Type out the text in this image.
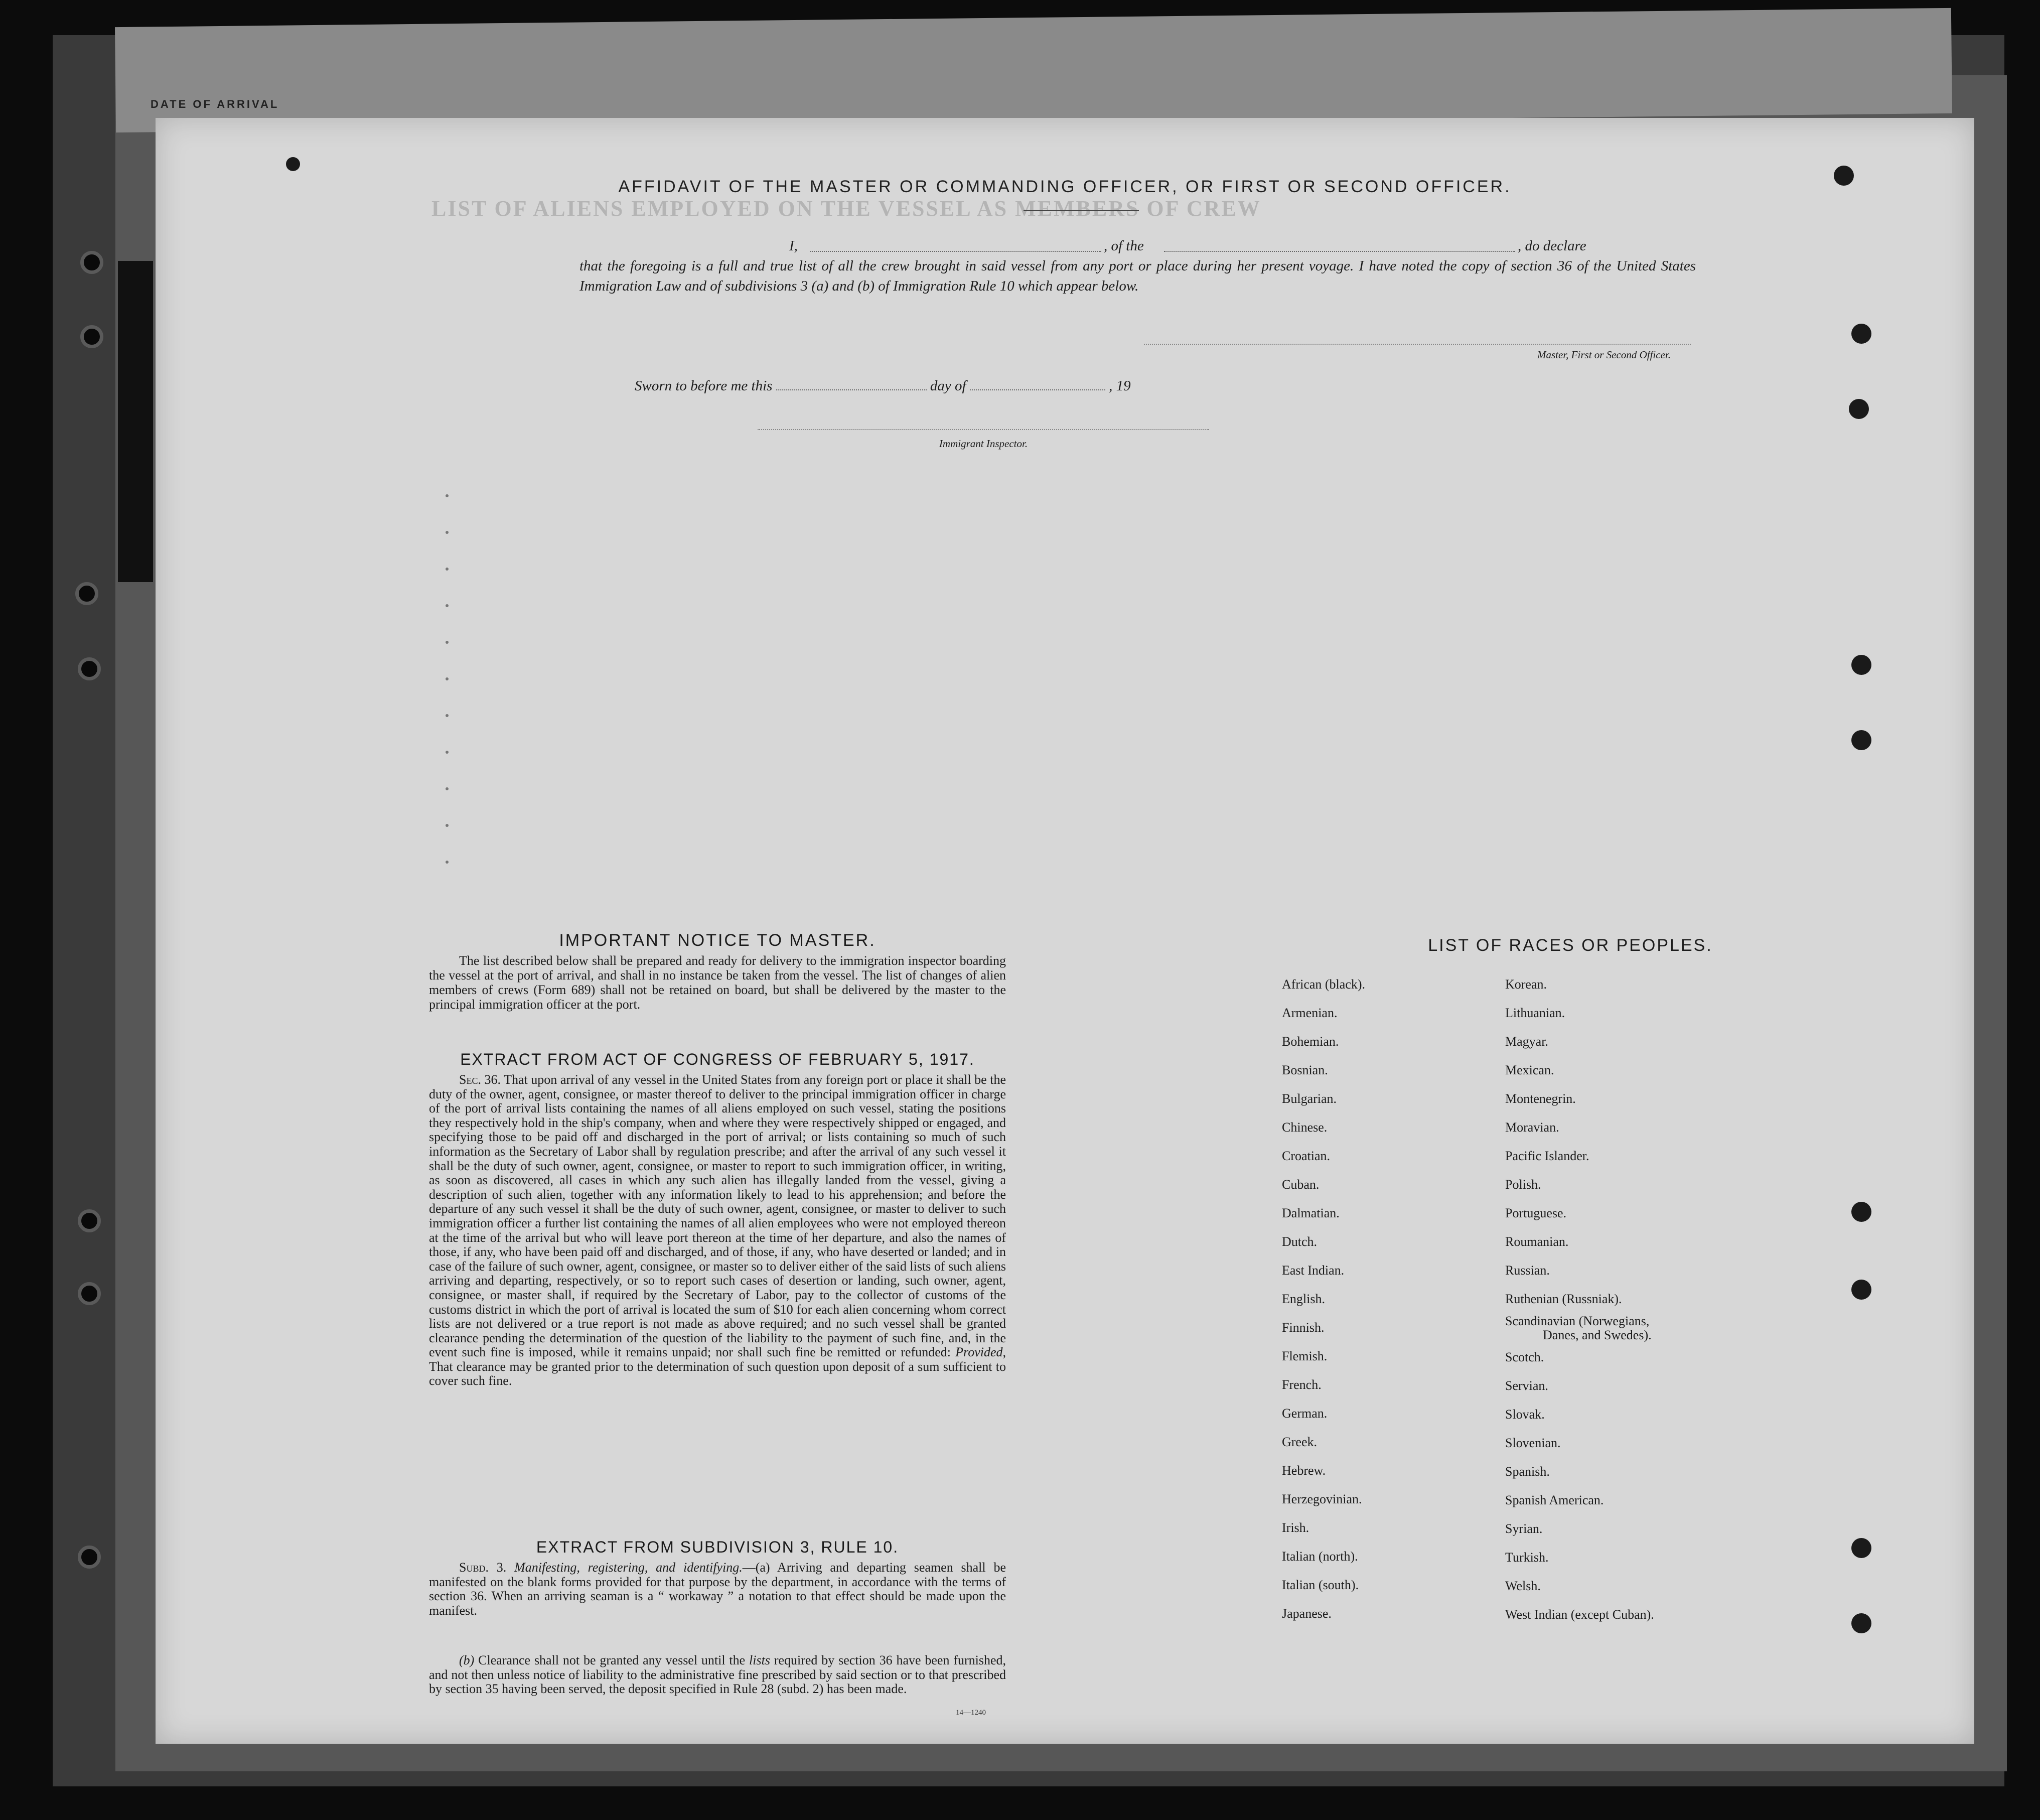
DATE OF ARRIVAL
LIST OF ALIENS EMPLOYED ON THE VESSEL AS MEMBERS OF CREW
AFFIDAVIT OF THE MASTER OR COMMANDING OFFICER, OR FIRST OR SECOND OFFICER.
I,	, of the	, do declare
that the foregoing is a full and true list of all the crew brought in said vessel from any port or place during her present voyage. I have noted the copy of section 36 of the United States Immigration Law and of subdivisions 3 (a) and (b) of Immigration Rule 10 which appear below.
Master, First or Second Officer.
Sworn to before me this	day of	, 19
Immigrant Inspector.
IMPORTANT NOTICE TO MASTER.
The list described below shall be prepared and ready for delivery to the immigration inspector boarding the vessel at the port of arrival, and shall in no instance be taken from the vessel. The list of changes of alien members of crews (Form 689) shall not be retained on board, but shall be delivered by the master to the principal immigration officer at the port.
EXTRACT FROM ACT OF CONGRESS OF FEBRUARY 5, 1917.
Sec. 36. That upon arrival of any vessel in the United States from any foreign port or place it shall be the duty of the owner, agent, consignee, or master thereof to deliver to the principal immigration officer in charge of the port of arrival lists containing the names of all aliens employed on such vessel, stating the positions they respectively hold in the ship's company, when and where they were respectively shipped or engaged, and specifying those to be paid off and discharged in the port of arrival; or lists containing so much of such information as the Secretary of Labor shall by regulation prescribe; and after the arrival of any such vessel it shall be the duty of such owner, agent, consignee, or master to report to such immigration officer, in writing, as soon as discovered, all cases in which any such alien has illegally landed from the vessel, giving a description of such alien, together with any information likely to lead to his apprehension; and before the departure of any such vessel it shall be the duty of such owner, agent, consignee, or master to deliver to such immigration officer a further list containing the names of all alien employees who were not employed thereon at the time of the arrival but who will leave port thereon at the time of her departure, and also the names of those, if any, who have been paid off and discharged, and of those, if any, who have deserted or landed; and in case of the failure of such owner, agent, consignee, or master so to deliver either of the said lists of such aliens arriving and departing, respectively, or so to report such cases of desertion or landing, such owner, agent, consignee, or master shall, if required by the Secretary of Labor, pay to the collector of customs of the customs district in which the port of arrival is located the sum of $10 for each alien concerning whom correct lists are not delivered or a true report is not made as above required; and no such vessel shall be granted clearance pending the determination of the question of the liability to the payment of such fine, and, in the event such fine is imposed, while it remains unpaid; nor shall such fine be remitted or refunded: Provided, That clearance may be granted prior to the determination of such question upon deposit of a sum sufficient to cover such fine.
EXTRACT FROM SUBDIVISION 3, RULE 10.
Subd. 3. Manifesting, registering, and identifying.—(a) Arriving and departing seamen shall be manifested on the blank forms provided for that purpose by the department, in accordance with the terms of section 36. When an arriving seaman is a “ workaway ” a notation to that effect should be made upon the manifest.
(b) Clearance shall not be granted any vessel until the lists required by section 36 have been furnished, and not then unless notice of liability to the administrative fine prescribed by said section or to that prescribed by section 35 having been served, the deposit specified in Rule 28 (subd. 2) has been made.
14—1240
LIST OF RACES OR PEOPLES.
African (black).
Armenian.
Bohemian.
Bosnian.
Bulgarian.
Chinese.
Croatian.
Cuban.
Dalmatian.
Dutch.
East Indian.
English.
Finnish.
Flemish.
French.
German.
Greek.
Hebrew.
Herzegovinian.
Irish.
Italian (north).
Italian (south).
Japanese.
Korean.
Lithuanian.
Magyar.
Mexican.
Montenegrin.
Moravian.
Pacific Islander.
Polish.
Portuguese.
Roumanian.
Russian.
Ruthenian (Russniak).
Scandinavian (Norwegians,
Danes, and Swedes).
Scotch.
Servian.
Slovak.
Slovenian.
Spanish.
Spanish American.
Syrian.
Turkish.
Welsh.
West Indian (except Cuban).
